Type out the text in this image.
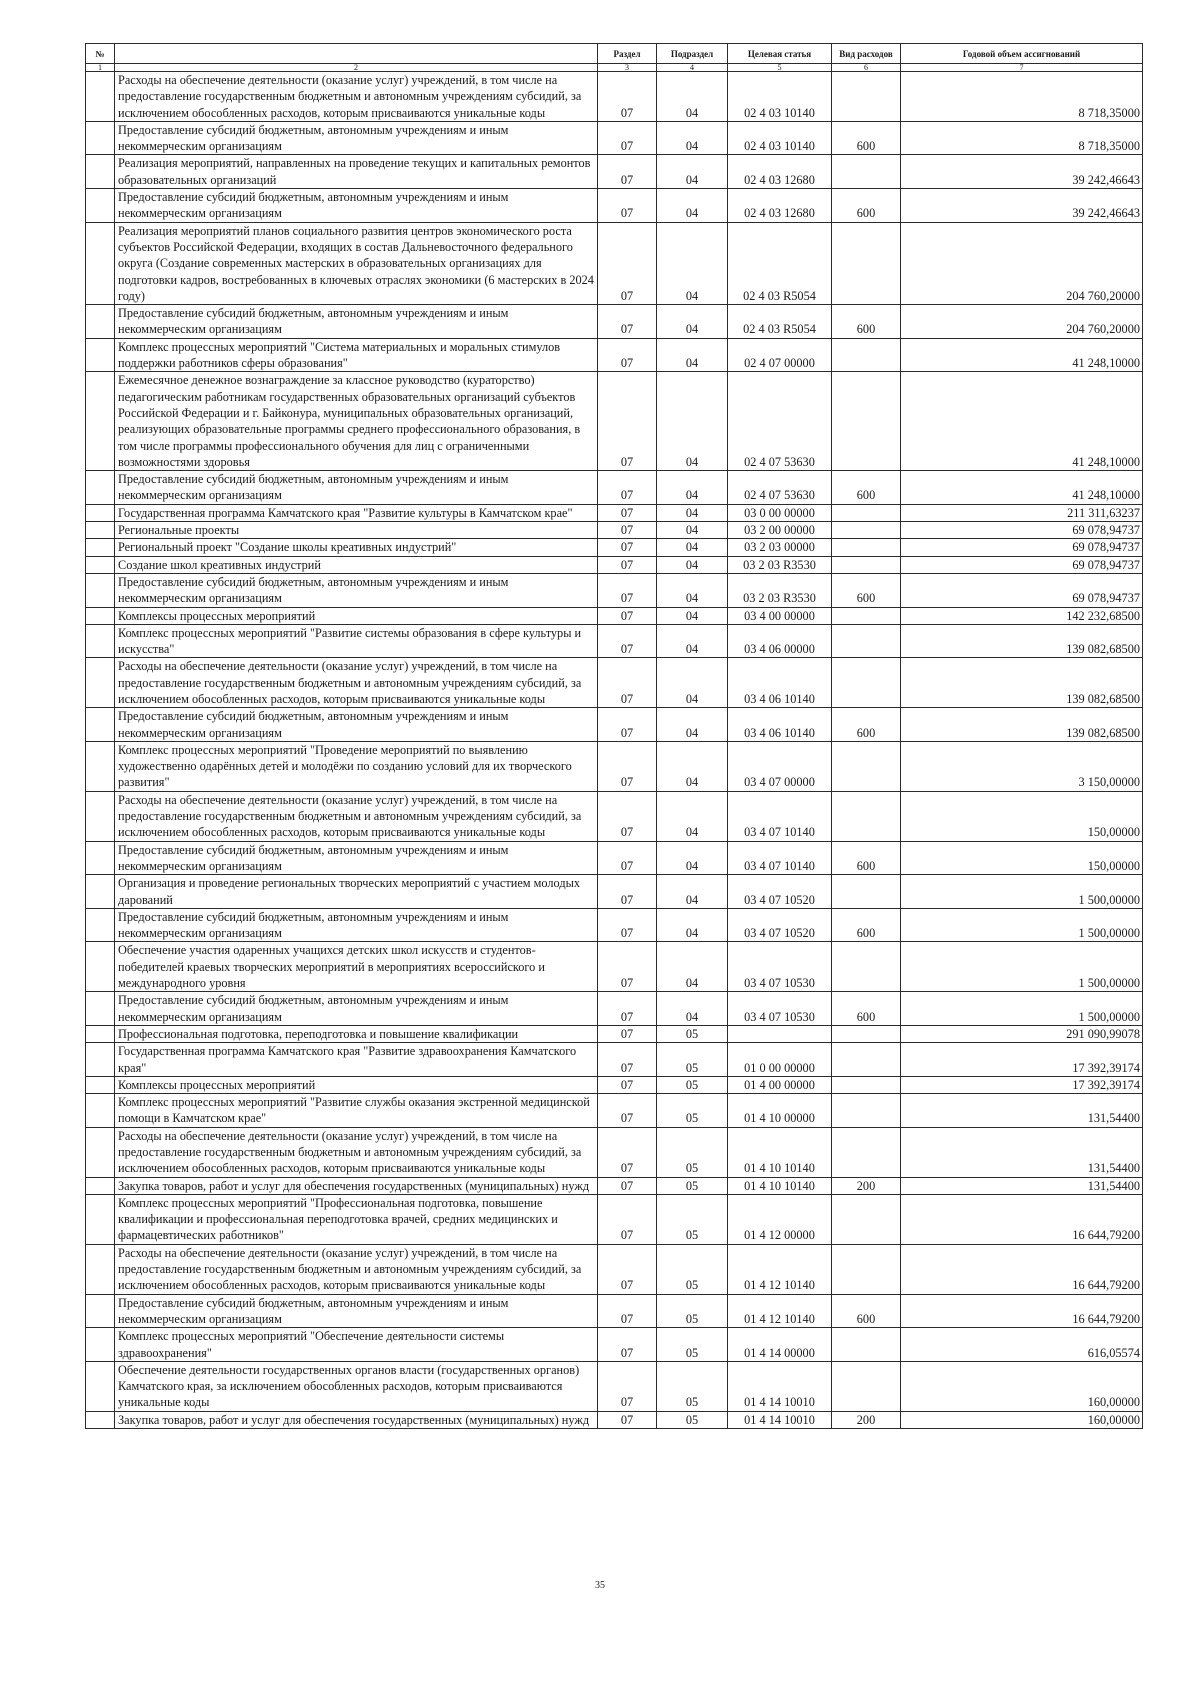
№		Раздел	Подраздел	Целевая статья	Вид расходов	Годовой объем ассигнований
1	2	3	4	5	6	7
	Расходы на обеспечение деятельности (оказание услуг) учреждений, в том числе на предоставление государственным бюджетным и автономным учреждениям субсидий, за исключением обособленных расходов, которым присваиваются уникальные коды	07	04	02 4 03 10140		8 718,35000
	Предоставление субсидий бюджетным, автономным учреждениям и иным некоммерческим организациям	07	04	02 4 03 10140	600	8 718,35000
	Реализация мероприятий, направленных на проведение текущих и капитальных ремонтов образовательных организаций	07	04	02 4 03 12680		39 242,46643
	Предоставление субсидий бюджетным, автономным учреждениям и иным некоммерческим организациям	07	04	02 4 03 12680	600	39 242,46643
	Реализация мероприятий планов социального развития центров экономического роста субъектов Российской Федерации, входящих в состав Дальневосточного федерального округа (Создание современных мастерских в образовательных организациях для подготовки кадров, востребованных в ключевых отраслях экономики (6 мастерских в 2024 году)	07	04	02 4 03 R5054		204 760,20000
	Предоставление субсидий бюджетным, автономным учреждениям и иным некоммерческим организациям	07	04	02 4 03 R5054	600	204 760,20000
	Комплекс процессных мероприятий "Система материальных и моральных стимулов поддержки работников сферы образования"	07	04	02 4 07 00000		41 248,10000
	Ежемесячное денежное вознаграждение за классное руководство (кураторство) педагогическим работникам государственных образовательных организаций субъектов Российской Федерации и г. Байконура, муниципальных образовательных организаций, реализующих образовательные программы среднего профессионального образования, в том числе программы профессионального обучения для лиц с ограниченными возможностями здоровья	07	04	02 4 07 53630		41 248,10000
	Предоставление субсидий бюджетным, автономным учреждениям и иным некоммерческим организациям	07	04	02 4 07 53630	600	41 248,10000
	Государственная программа Камчатского края "Развитие культуры в Камчатском крае"	07	04	03 0 00 00000		211 311,63237
	Региональные проекты	07	04	03 2 00 00000		69 078,94737
	Региональный проект "Создание школы креативных индустрий"	07	04	03 2 03 00000		69 078,94737
	Создание школ креативных индустрий	07	04	03 2 03 R3530		69 078,94737
	Предоставление субсидий бюджетным, автономным учреждениям и иным некоммерческим организациям	07	04	03 2 03 R3530	600	69 078,94737
	Комплексы процессных мероприятий	07	04	03 4 00 00000		142 232,68500
	Комплекс процессных мероприятий "Развитие системы образования в сфере культуры и искусства"	07	04	03 4 06 00000		139 082,68500
	Расходы на обеспечение деятельности (оказание услуг) учреждений, в том числе на предоставление государственным бюджетным и автономным учреждениям субсидий, за исключением обособленных расходов, которым присваиваются уникальные коды	07	04	03 4 06 10140		139 082,68500
	Предоставление субсидий бюджетным, автономным учреждениям и иным некоммерческим организациям	07	04	03 4 06 10140	600	139 082,68500
	Комплекс процессных мероприятий "Проведение мероприятий по выявлению художественно одарённых детей и молодёжи по созданию условий для их творческого развития"	07	04	03 4 07 00000		3 150,00000
	Расходы на обеспечение деятельности (оказание услуг) учреждений, в том числе на предоставление государственным бюджетным и автономным учреждениям субсидий, за исключением обособленных расходов, которым присваиваются уникальные коды	07	04	03 4 07 10140		150,00000
	Предоставление субсидий бюджетным, автономным учреждениям и иным некоммерческим организациям	07	04	03 4 07 10140	600	150,00000
	Организация и проведение региональных творческих мероприятий с участием молодых дарований	07	04	03 4 07 10520		1 500,00000
	Предоставление субсидий бюджетным, автономным учреждениям и иным некоммерческим организациям	07	04	03 4 07 10520	600	1 500,00000
	Обеспечение участия одаренных учащихся детских школ искусств и студентов-победителей краевых творческих мероприятий в мероприятиях всероссийского и международного уровня	07	04	03 4 07 10530		1 500,00000
	Предоставление субсидий бюджетным, автономным учреждениям и иным некоммерческим организациям	07	04	03 4 07 10530	600	1 500,00000
	Профессиональная подготовка, переподготовка и повышение квалификации	07	05			291 090,99078
	Государственная программа Камчатского края "Развитие здравоохранения Камчатского края"	07	05	01 0 00 00000		17 392,39174
	Комплексы процессных мероприятий	07	05	01 4 00 00000		17 392,39174
	Комплекс процессных мероприятий "Развитие службы оказания экстренной медицинской помощи в Камчатском крае"	07	05	01 4 10 00000		131,54400
	Расходы на обеспечение деятельности (оказание услуг) учреждений, в том числе на предоставление государственным бюджетным и автономным учреждениям субсидий, за исключением обособленных расходов, которым присваиваются уникальные коды	07	05	01 4 10 10140		131,54400
	Закупка товаров, работ и услуг для обеспечения государственных (муниципальных) нужд	07	05	01 4 10 10140	200	131,54400
	Комплекс процессных мероприятий "Профессиональная подготовка, повышение квалификации и профессиональная переподготовка врачей, средних медицинских и фармацевтических работников"	07	05	01 4 12 00000		16 644,79200
	Расходы на обеспечение деятельности (оказание услуг) учреждений, в том числе на предоставление государственным бюджетным и автономным учреждениям субсидий, за исключением обособленных расходов, которым присваиваются уникальные коды	07	05	01 4 12 10140		16 644,79200
	Предоставление субсидий бюджетным, автономным учреждениям и иным некоммерческим организациям	07	05	01 4 12 10140	600	16 644,79200
	Комплекс процессных мероприятий "Обеспечение деятельности системы здравоохранения"	07	05	01 4 14 00000		616,05574
	Обеспечение деятельности государственных органов власти (государственных органов) Камчатского края, за исключением обособленных расходов, которым присваиваются уникальные коды	07	05	01 4 14 10010		160,00000
	Закупка товаров, работ и услуг для обеспечения государственных (муниципальных) нужд	07	05	01 4 14 10010	200	160,00000
35
